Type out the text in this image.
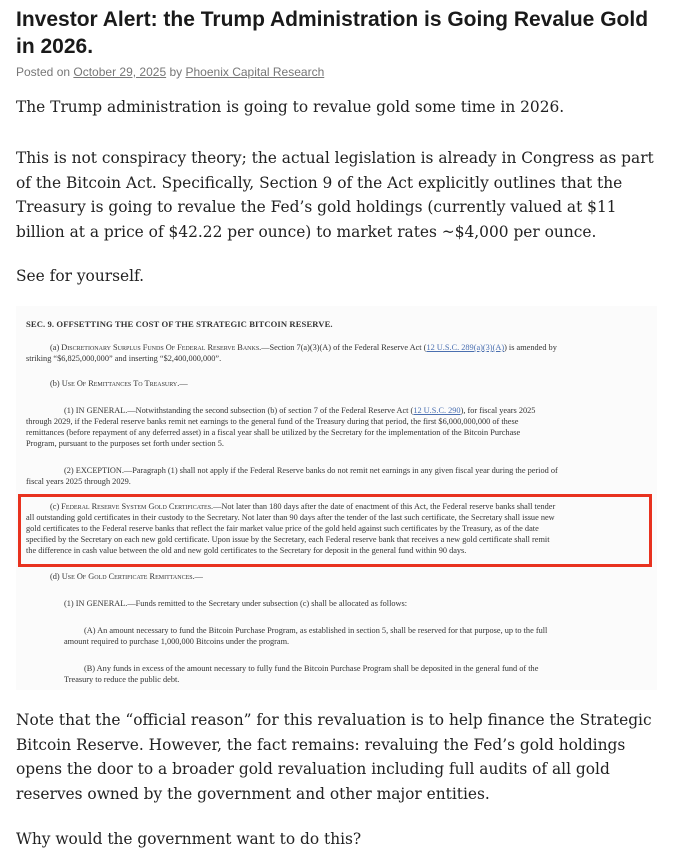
Investor Alert: the Trump Administration is Going Revalue Gold in 2026.
Posted on October 29, 2025 by Phoenix Capital Research

The Trump administration is going to revalue gold some time in 2026.

This is not conspiracy theory; the actual legislation is already in Congress as part of the Bitcoin Act. Specifically, Section 9 of the Act explicitly outlines that the Treasury is going to revalue the Fed’s gold holdings (currently valued at $11 billion at a price of $42.22 per ounce) to market rates ~$4,000 per ounce.

See for yourself.

SEC. 9. OFFSETTING THE COST OF THE STRATEGIC BITCOIN RESERVE.
(a) Discretionary Surplus Funds Of Federal Reserve Banks.—Section 7(a)(3)(A) of the Federal Reserve Act (12 U.S.C. 289(a)(3)(A)) is amended by
striking “$6,825,000,000” and inserting “$2,400,000,000”.
(b) Use Of Remittances To Treasury.—
(1) IN GENERAL.—Notwithstanding the second subsection (b) of section 7 of the Federal Reserve Act (12 U.S.C. 290), for fiscal years 2025
through 2029, if the Federal reserve banks remit net earnings to the general fund of the Treasury during that period, the first $6,000,000,000 of these
remittances (before repayment of any deferred asset) in a fiscal year shall be utilized by the Secretary for the implementation of the Bitcoin Purchase
Program, pursuant to the purposes set forth under section 5.
(2) EXCEPTION.—Paragraph (1) shall not apply if the Federal Reserve banks do not remit net earnings in any given fiscal year during the period of
fiscal years 2025 through 2029.
(c) Federal Reserve System Gold Certificates.—Not later than 180 days after the date of enactment of this Act, the Federal reserve banks shall tender
all outstanding gold certificates in their custody to the Secretary. Not later than 90 days after the tender of the last such certificate, the Secretary shall issue new
gold certificates to the Federal reserve banks that reflect the fair market value price of the gold held against such certificates by the Treasury, as of the date
specified by the Secretary on each new gold certificate. Upon issue by the Secretary, each Federal reserve bank that receives a new gold certificate shall remit
the difference in cash value between the old and new gold certificates to the Secretary for deposit in the general fund within 90 days.
(d) Use Of Gold Certificate Remittances.—
(1) IN GENERAL.—Funds remitted to the Secretary under subsection (c) shall be allocated as follows:
(A) An amount necessary to fund the Bitcoin Purchase Program, as established in section 5, shall be reserved for that purpose, up to the full
amount required to purchase 1,000,000 Bitcoins under the program.
(B) Any funds in excess of the amount necessary to fully fund the Bitcoin Purchase Program shall be deposited in the general fund of the
Treasury to reduce the public debt.

Note that the “official reason” for this revaluation is to help finance the Strategic Bitcoin Reserve. However, the fact remains: revaluing the Fed’s gold holdings opens the door to a broader gold revaluation including full audits of all gold reserves owned by the government and other major entities.

Why would the government want to do this?
